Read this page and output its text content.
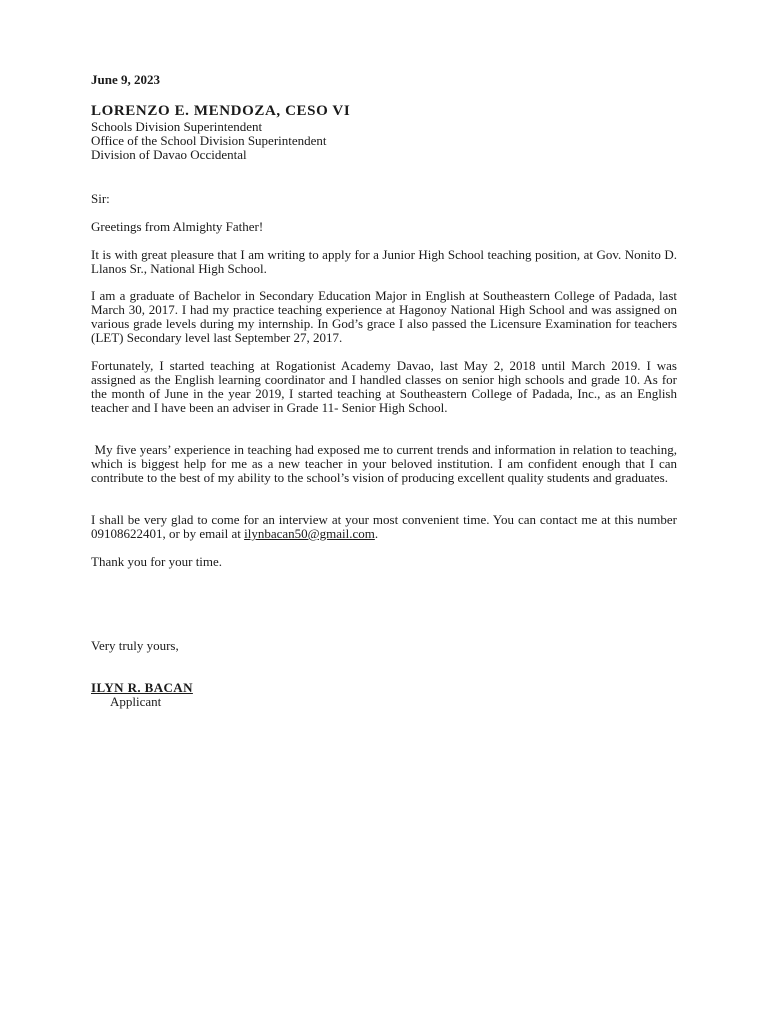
June 9, 2023

LORENZO E. MENDOZA, CESO VI

Schools Division Superintendent
Office of the School Division Superintendent
Division of Davao Occidental

Sir:

Greetings from Almighty Father!

It is with great pleasure that I am writing to apply for a Junior High School teaching position, at Gov. Nonito D. Llanos Sr., National High School.

I am a graduate of Bachelor in Secondary Education Major in English at Southeastern College of Padada, last March 30, 2017. I had my practice teaching experience at Hagonoy National High School and was assigned on various grade levels during my internship. In God’s grace I also passed the Licensure Examination for teachers (LET) Secondary level last September 27, 2017.

Fortunately, I started teaching at Rogationist Academy Davao, last May 2, 2018 until March 2019. I was assigned as the English learning coordinator and I handled classes on senior high schools and grade 10. As for the month of June in the year 2019, I started teaching at Southeastern College of Padada, Inc., as an English teacher and I have been an adviser in Grade 11- Senior High School.

My five years’ experience in teaching had exposed me to current trends and information in relation to teaching, which is biggest help for me as a new teacher in your beloved institution. I am confident enough that I can contribute to the best of my ability to the school’s vision of producing excellent quality students and graduates.

I shall be very glad to come for an interview at your most convenient time. You can contact me at this number 09108622401, or by email at ilynbacan50@gmail.com.

Thank you for your time.

Very truly yours,

ILYN R. BACAN

Applicant
